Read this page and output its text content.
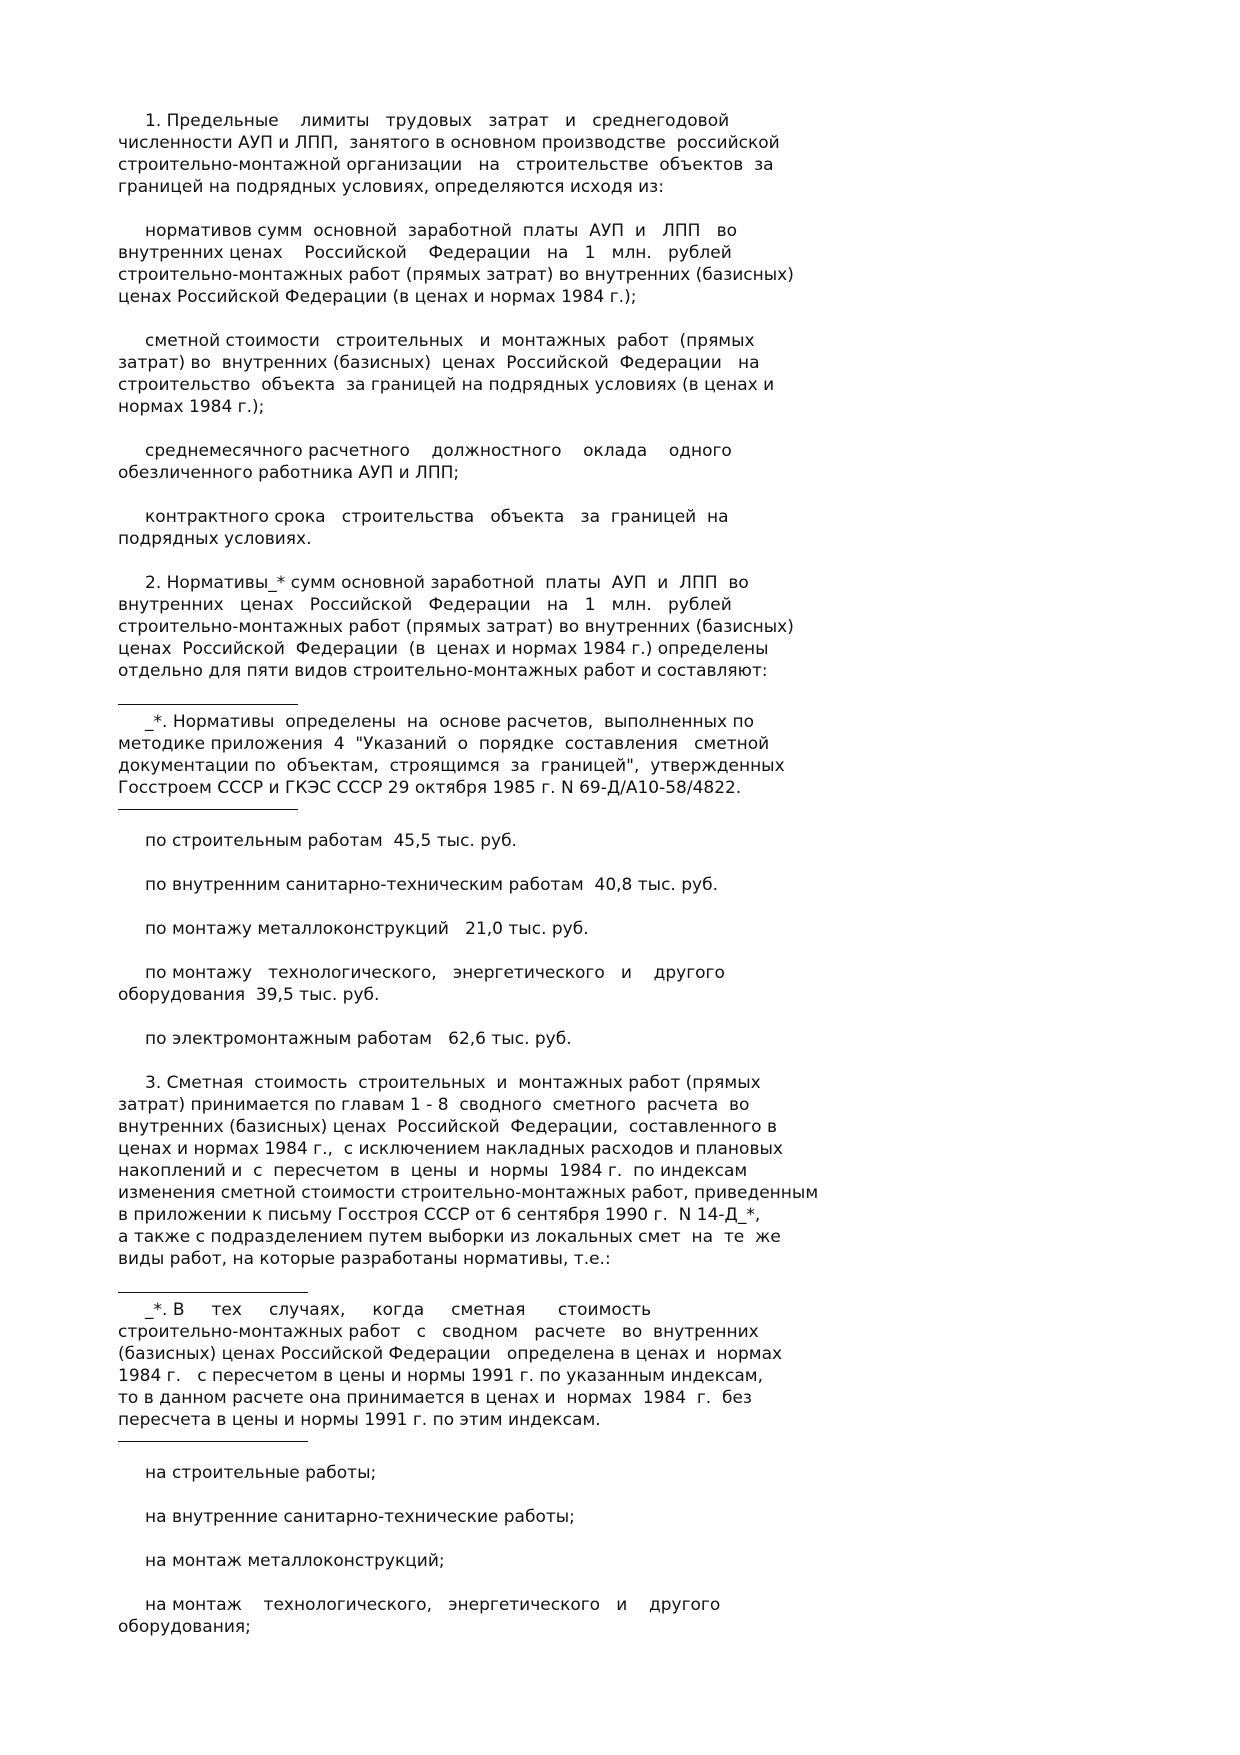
1. Предельные    лимиты   трудовых   затрат   и   среднегодовой
численности АУП и ЛПП,  занятого в основном производстве  российской
строительно-монтажной организации   на   строительстве  объектов  за
границей на подрядных условиях, определяются исходя из:
нормативов сумм  основной  заработной  платы  АУП  и   ЛПП   во
внутренних ценах    Российской    Федерации   на   1   млн.   рублей
строительно-монтажных работ (прямых затрат) во внутренних (базисных)
ценах Российской Федерации (в ценах и нормах 1984 г.);
сметной стоимости   строительных   и  монтажных  работ  (прямых
затрат) во  внутренних (базисных)  ценах  Российской  Федерации   на
строительство  объекта  за границей на подрядных условиях (в ценах и
нормах 1984 г.);
среднемесячного расчетного    должностного    оклада    одного
обезличенного работника АУП и ЛПП;
контрактного срока   строительства   объекта   за  границей  на
подрядных условиях.
2. Нормативы_* сумм основной заработной  платы  АУП  и  ЛПП  во
внутренних   ценах   Российской   Федерации   на   1   млн.   рублей
строительно-монтажных работ (прямых затрат) во внутренних (базисных)
ценах  Российской  Федерации  (в  ценах и нормах 1984 г.) определены
отдельно для пяти видов строительно-монтажных работ и составляют:
_*. Нормативы  определены  на  основе расчетов,  выполненных по
методике приложения  4  "Указаний  о  порядке  составления   сметной
документации по  объектам,  строящимся  за  границей",  утвержденных
Госстроем СССР и ГКЭС СССР 29 октября 1985 г. N 69-Д/А10-58/4822.
по строительным работам  45,5 тыс. руб.
по внутренним санитарно-техническим работам  40,8 тыс. руб.
по монтажу металлоконструкций   21,0 тыс. руб.
по монтажу   технологического,   энергетического   и    другого
оборудования  39,5 тыс. руб.
по электромонтажным работам   62,6 тыс. руб.
3. Сметная  стоимость  строительных  и  монтажных работ (прямых
затрат) принимается по главам 1 - 8  сводного  сметного  расчета  во
внутренних (базисных) ценах  Российской  Федерации,  составленного в
ценах и нормах 1984 г.,  с исключением накладных расходов и плановых
накоплений и  с  пересчетом  в  цены  и  нормы  1984 г.  по индексам
изменения сметной стоимости строительно-монтажных работ, приведенным
в приложении к письму Госстроя СССР от 6 сентября 1990 г.  N 14-Д_*,
а также с подразделением путем выборки из локальных смет  на  те  же
виды работ, на которые разработаны нормативы, т.е.:
_*. В     тех     случаях,     когда     сметная      стоимость
строительно-монтажных работ   с   сводном   расчете   во  внутренних
(базисных) ценах Российской Федерации   определена в ценах и  нормах
1984 г.   с пересчетом в цены и нормы 1991 г. по указанным индексам,
то в данном расчете она принимается в ценах и  нормах  1984  г.  без
пересчета в цены и нормы 1991 г. по этим индексам.
на строительные работы;
на внутренние санитарно-технические работы;
на монтаж металлоконструкций;
на монтаж    технологического,   энергетического   и    другого
оборудования;
